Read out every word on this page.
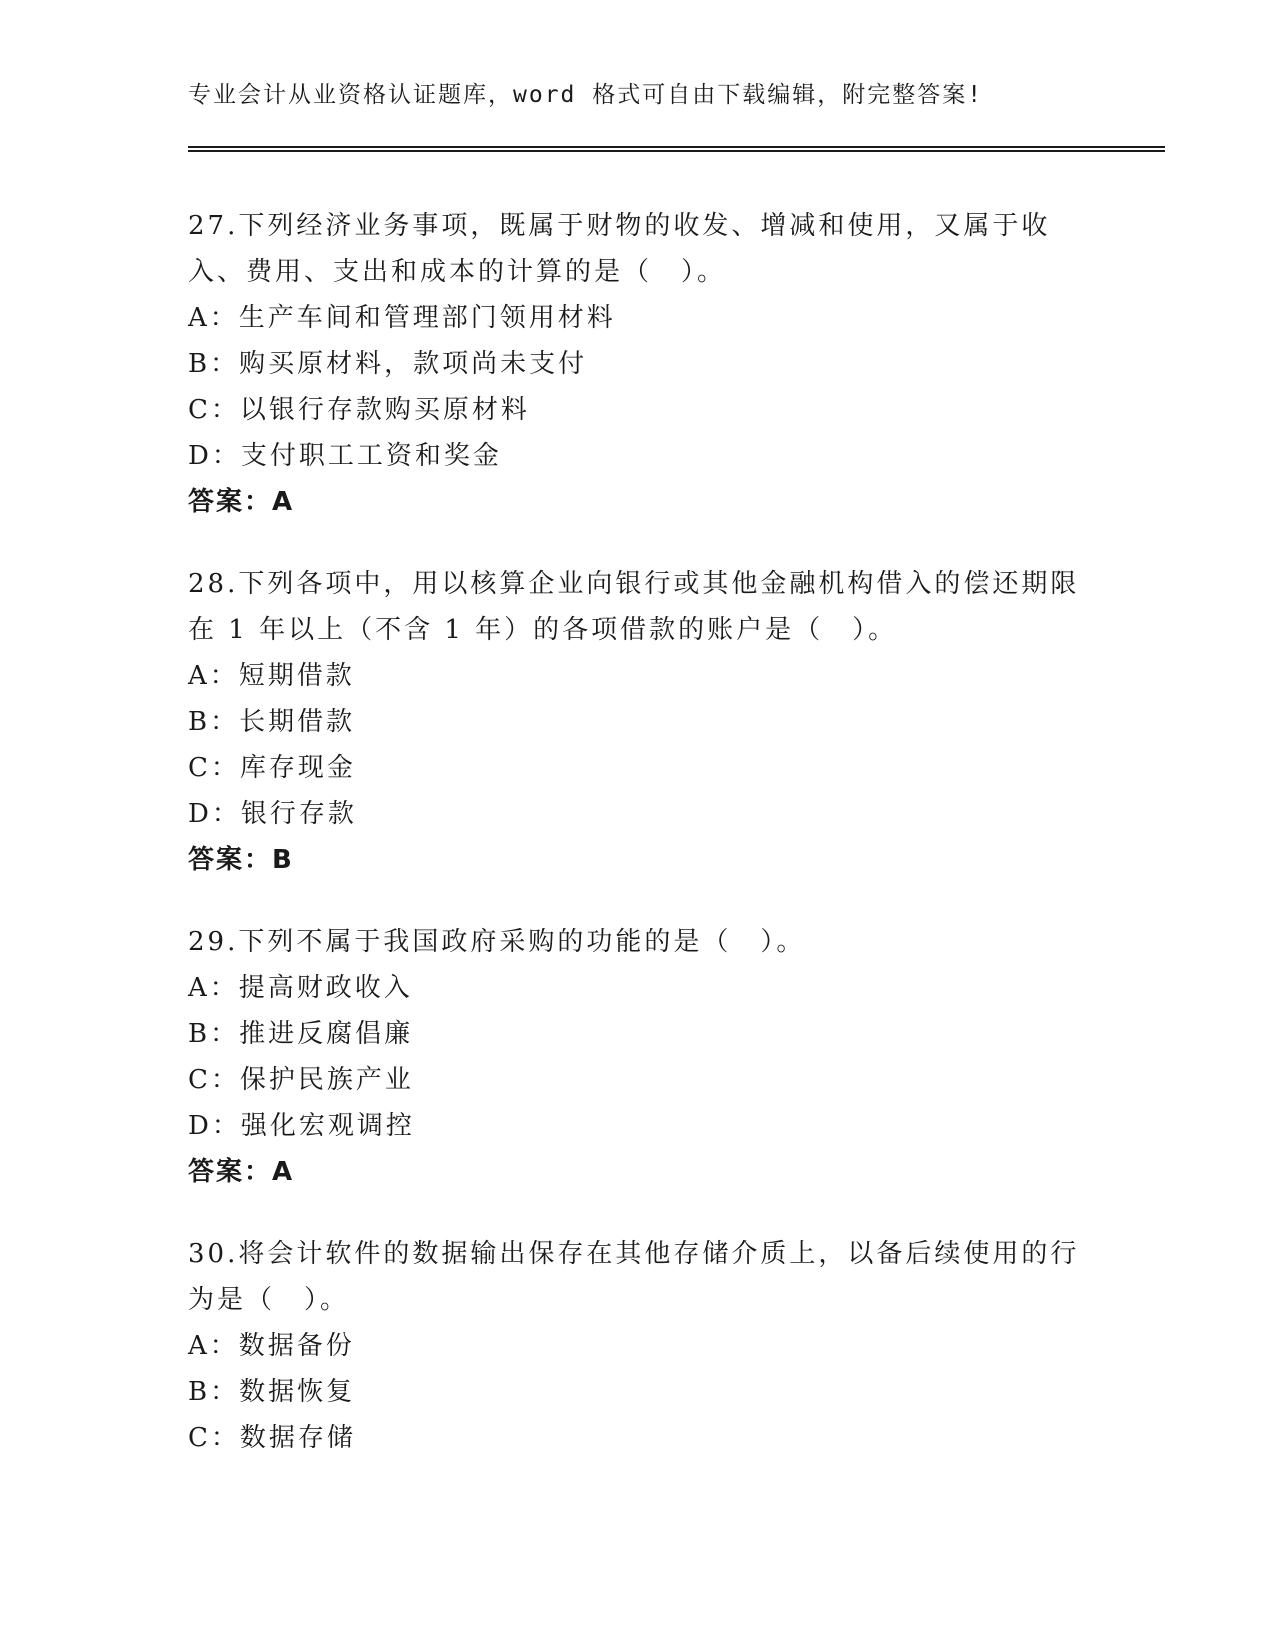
专业会计从业资格认证题库，word 格式可自由下载编辑，附完整答案!
27.下列经济业务事项，既属于财物的收发、增减和使用，又属于收入、费用、支出和成本的计算的是（　）。
A：生产车间和管理部门领用材料
B：购买原材料，款项尚未支付
C：以银行存款购买原材料
D：支付职工工资和奖金
答案：A
28.下列各项中，用以核算企业向银行或其他金融机构借入的偿还期限在 1 年以上（不含 1 年）的各项借款的账户是（　）。
A：短期借款
B：长期借款
C：库存现金
D：银行存款
答案：B
29.下列不属于我国政府采购的功能的是（　）。
A：提高财政收入
B：推进反腐倡廉
C：保护民族产业
D：强化宏观调控
答案：A
30.将会计软件的数据输出保存在其他存储介质上，以备后续使用的行为是（　）。
A：数据备份
B：数据恢复
C：数据存储
